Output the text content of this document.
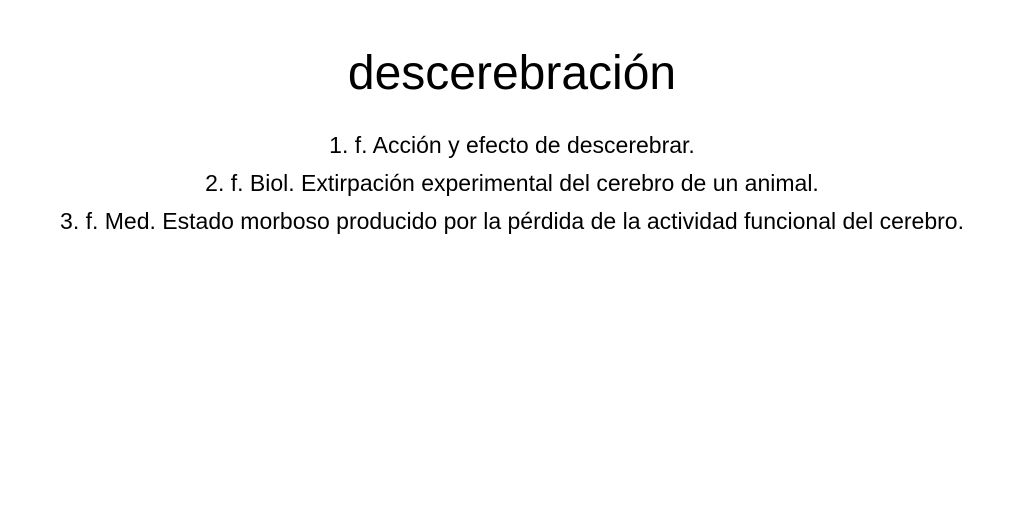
descerebración
1. f. Acción y efecto de descerebrar.
2. f. Biol. Extirpación experimental del cerebro de un animal.
3. f. Med. Estado morboso producido por la pérdida de la actividad funcional del cerebro.
